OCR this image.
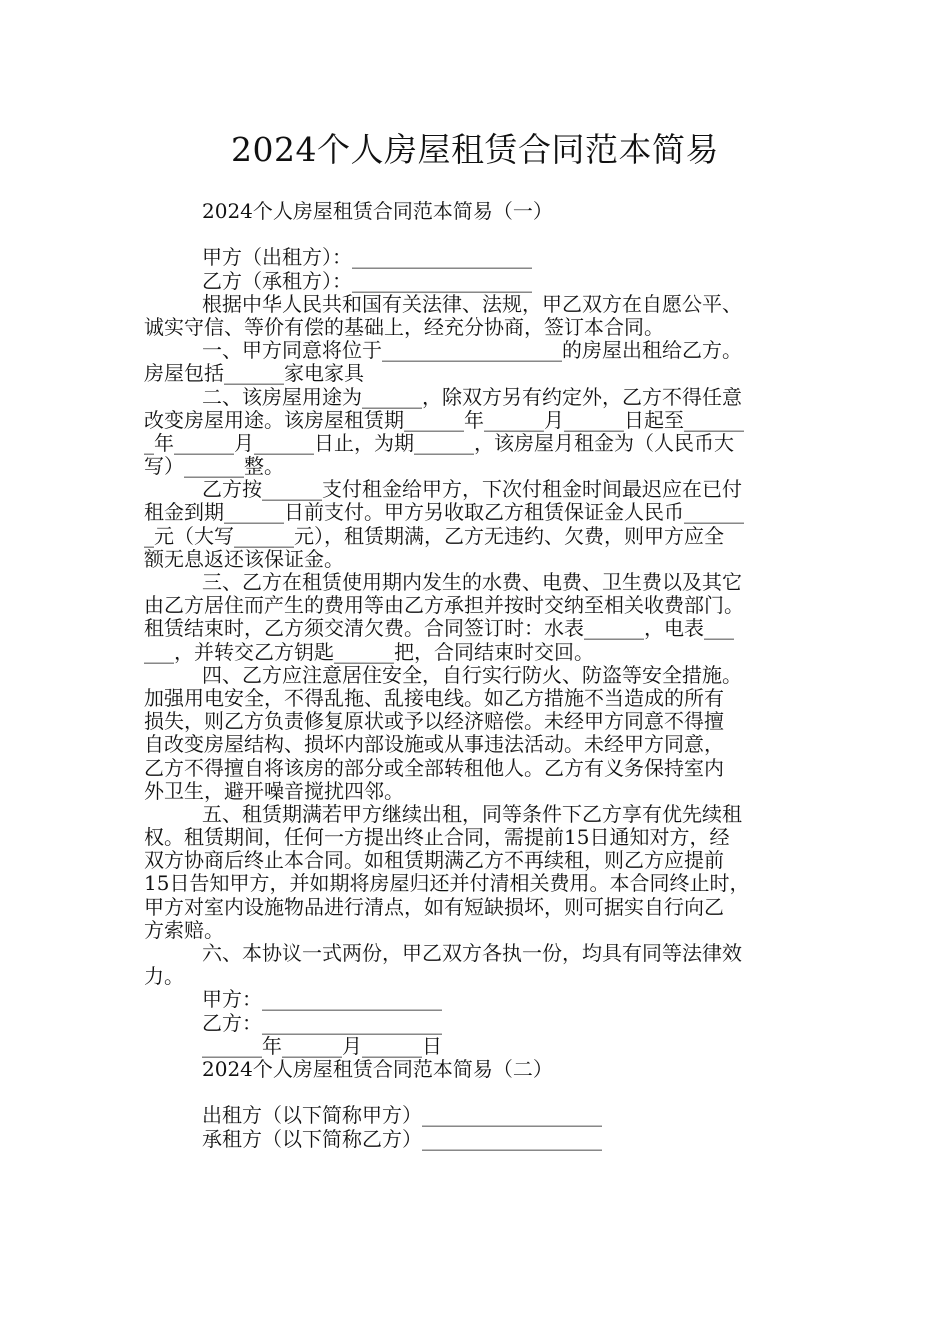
2024个人房屋租赁合同范本简易
2024个人房屋租赁合同范本简易（一）
甲方（出租方）：__________________
乙方（承租方）：__________________
根据中华人民共和国有关法律、法规，甲乙双方在自愿公平、
诚实守信、等价有偿的基础上，经充分协商，签订本合同。
一、甲方同意将位于__________________的房屋出租给乙方。
房屋包括______家电家具
二、该房屋用途为______，除双方另有约定外，乙方不得任意
改变房屋用途。该房屋租赁期______年______月______日起至______
_年______月______日止，为期______，该房屋月租金为（人民币大
写）______整。
乙方按______支付租金给甲方，下次付租金时间最迟应在已付
租金到期______日前支付。甲方另收取乙方租赁保证金人民币______
_元（大写______元），租赁期满，乙方无违约、欠费，则甲方应全
额无息返还该保证金。
三、乙方在租赁使用期内发生的水费、电费、卫生费以及其它
由乙方居住而产生的费用等由乙方承担并按时交纳至相关收费部门。
租赁结束时，乙方须交清欠费。合同签订时：水表______，电表___
___，并转交乙方钥匙______把，合同结束时交回。
四、乙方应注意居住安全，自行实行防火、防盗等安全措施。
加强用电安全，不得乱拖、乱接电线。如乙方措施不当造成的所有
损失，则乙方负责修复原状或予以经济赔偿。未经甲方同意不得擅
自改变房屋结构、损坏内部设施或从事违法活动。未经甲方同意，
乙方不得擅自将该房的部分或全部转租他人。乙方有义务保持室内
外卫生，避开噪音搅扰四邻。
五、租赁期满若甲方继续出租，同等条件下乙方享有优先续租
权。租赁期间，任何一方提出终止合同，需提前15日通知对方，经
双方协商后终止本合同。如租赁期满乙方不再续租，则乙方应提前
15日告知甲方，并如期将房屋归还并付清相关费用。本合同终止时，
甲方对室内设施物品进行清点，如有短缺损坏，则可据实自行向乙
方索赔。
六、本协议一式两份，甲乙双方各执一份，均具有同等法律效
力。
甲方：__________________
乙方：__________________
______年______月______日
2024个人房屋租赁合同范本简易（二）
出租方（以下简称甲方）__________________
承租方（以下简称乙方）__________________
